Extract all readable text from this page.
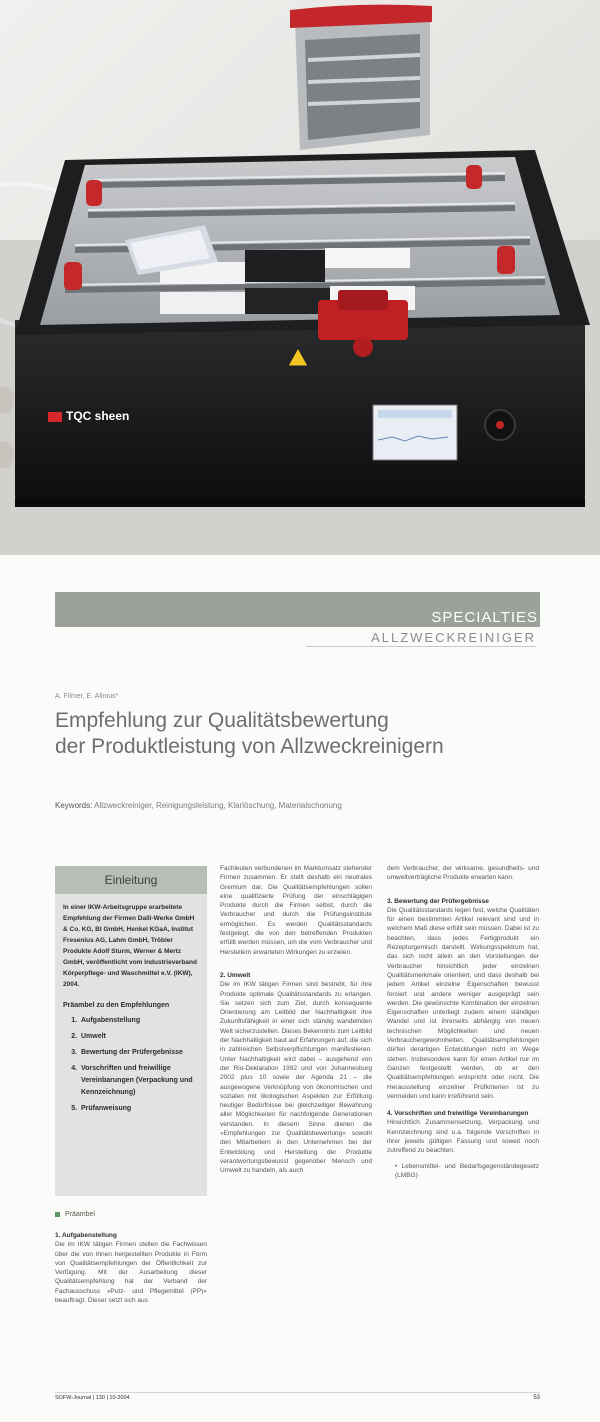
TQC sheen
SPECIALTIES
ALLZWECKREINIGER
A. Filmer, E. Allmus*
Empfehlung zur Qualitätsbewertung
der Produktleistung von Allzweckreinigern
Keywords: Allzweckreiniger, Reinigungsleistung, Klarlöschung, Materialschonung
Einleitung
In einer IKW-Arbeitsgruppe erarbeitete Empfehlung der Firmen Dalli-Werke GmbH & Co. KG, BI GmbH, Henkel KGaA, Institut Fresenius AG, Lahm GmbH, Tröbler Produkte Adolf Sturm, Werner & Mertz GmbH, veröffentlicht vom Industrieverband Körperpflege- und Waschmittel e.V. (IKW), 2004.
Präambel zu den Empfehlungen
1. Aufgabenstellung
2. Umwelt
3. Bewertung der Prüfergebnisse
4. Vorschriften und freiwillige Vereinbarungen (Verpackung und Kennzeichnung)
5. Prüfanweisung
Präambel
1. Aufgabenstellung

Die im IKW tätigen Firmen stellen die Fachwissen über die von ihnen hergestellten Produkte in Form von Qualitätsempfehlungen der Öffentlichkeit zur Verfügung. Mit der Ausarbeitung dieser Qualitätsempfehlung hat der Verband der Fachausschuss »Putz- und Pflegemittel (PP)« beauftragt. Dieser setzt sich aus

Fachleuten verbundenen im Marktumsatz stehender Firmen zusammen. Er stellt deshalb ein neutrales Gremium dar. Die Qualitätsempfehlungen sollen eine qualifizierte Prüfung der einschlägigen Produkte durch die Firmen selbst, durch die Verbraucher und durch die Prüfungsinstitute ermöglichen. Es werden Qualitätsstandards festgelegt, die von den betreffenden Produkten erfüllt werden müssen, um die vom Verbraucher und Herstellern erwarteten Wirkungen zu erzielen.

2. Umwelt

Die im IKW tätigen Firmen sind bestrebt, für ihre Produkte optimale Qualitätsstandards zu erlangen. Sie setzen sich zum Ziel, durch konsequente Orientierung am Leitbild der Nachhaltigkeit ihre Zukunftsfähigkeit in einer sich ständig wandelnden Welt sicherzustellen. Dieses Bekenntnis zum Leitbild der Nachhaltigkeit baut auf Erfahrungen auf, die sich in zahlreichen Selbstverpflichtungen manifestieren. Unter Nachhaltigkeit wird dabei – ausgehend von der Rio-Deklaration 1992 und von Johannesburg 2002 plus 10 sowie der Agenda 21 – die ausgewogene Verknüpfung von ökonomischen und sozialen mit ökologischen Aspekten zur Erfüllung heutiger Bedürfnisse bei gleichzeitiger Bewahrung aller Möglichkeiten für nachfolgende Generationen verstanden. In diesem Sinne dienen die »Empfehlungen zur Qualitätsbewertung« sowohl den Mitarbeitern in den Unternehmen bei der Entwicklung und Herstellung der Produkte verantwortungsbewusst gegenüber Mensch und Umwelt zu handeln, als auch

dem Verbraucher, der wirksame, gesundheits- und umweltverträgliche Produkte erwarten kann.

3. Bewertung der Prüfergebnisse

Die Qualitätsstandards legen fest, welche Qualitäten für einen bestimmten Artikel relevant sind und in welchem Maß diese erfüllt sein müssen. Dabei ist zu beachten, dass jedes Fertigprodukt ein Rezepturgemisch darstellt. Wirkungsspektrum hat, das sich nicht allein an den Vorstellungen der Verbraucher hinsichtlich jeder einzelnen Qualitätsmerkmale orientiert, und dass deshalb bei jedem Artikel einzelne Eigenschaften bewusst forciert und andere weniger ausgeprägt sein werden. Die gewünschte Kombination der einzelnen Eigenschaften unterliegt zudem einem ständigen Wandel und ist ihrerseits abhängig von neuen technischen Möglichkeiten und neuen Verbrauchergewohnheiten. Qualitätsempfehlungen dürfen derartigen Entwicklungen nicht im Wege stehen. Insbesondere kann für einen Artikel nur im Ganzen festgestellt werden, ob er den Qualitätsempfehlungen entspricht oder nicht. Die Herausstellung einzelner Prüfkriterien ist zu vermeiden und kann irreführend sein.

4. Vorschriften und freiwillige Vereinbarungen

Hinsichtlich Zusammensetzung, Verpackung und Kennzeichnung sind u.a. folgende Vorschriften in ihrer jeweils gültigen Fassung und soweit noch zutreffend zu beachten:

• Lebensmittel- und Bedarfsgegenständegesetz (LMBG)

SOFW-Journal | 130 | 10-2004	53
